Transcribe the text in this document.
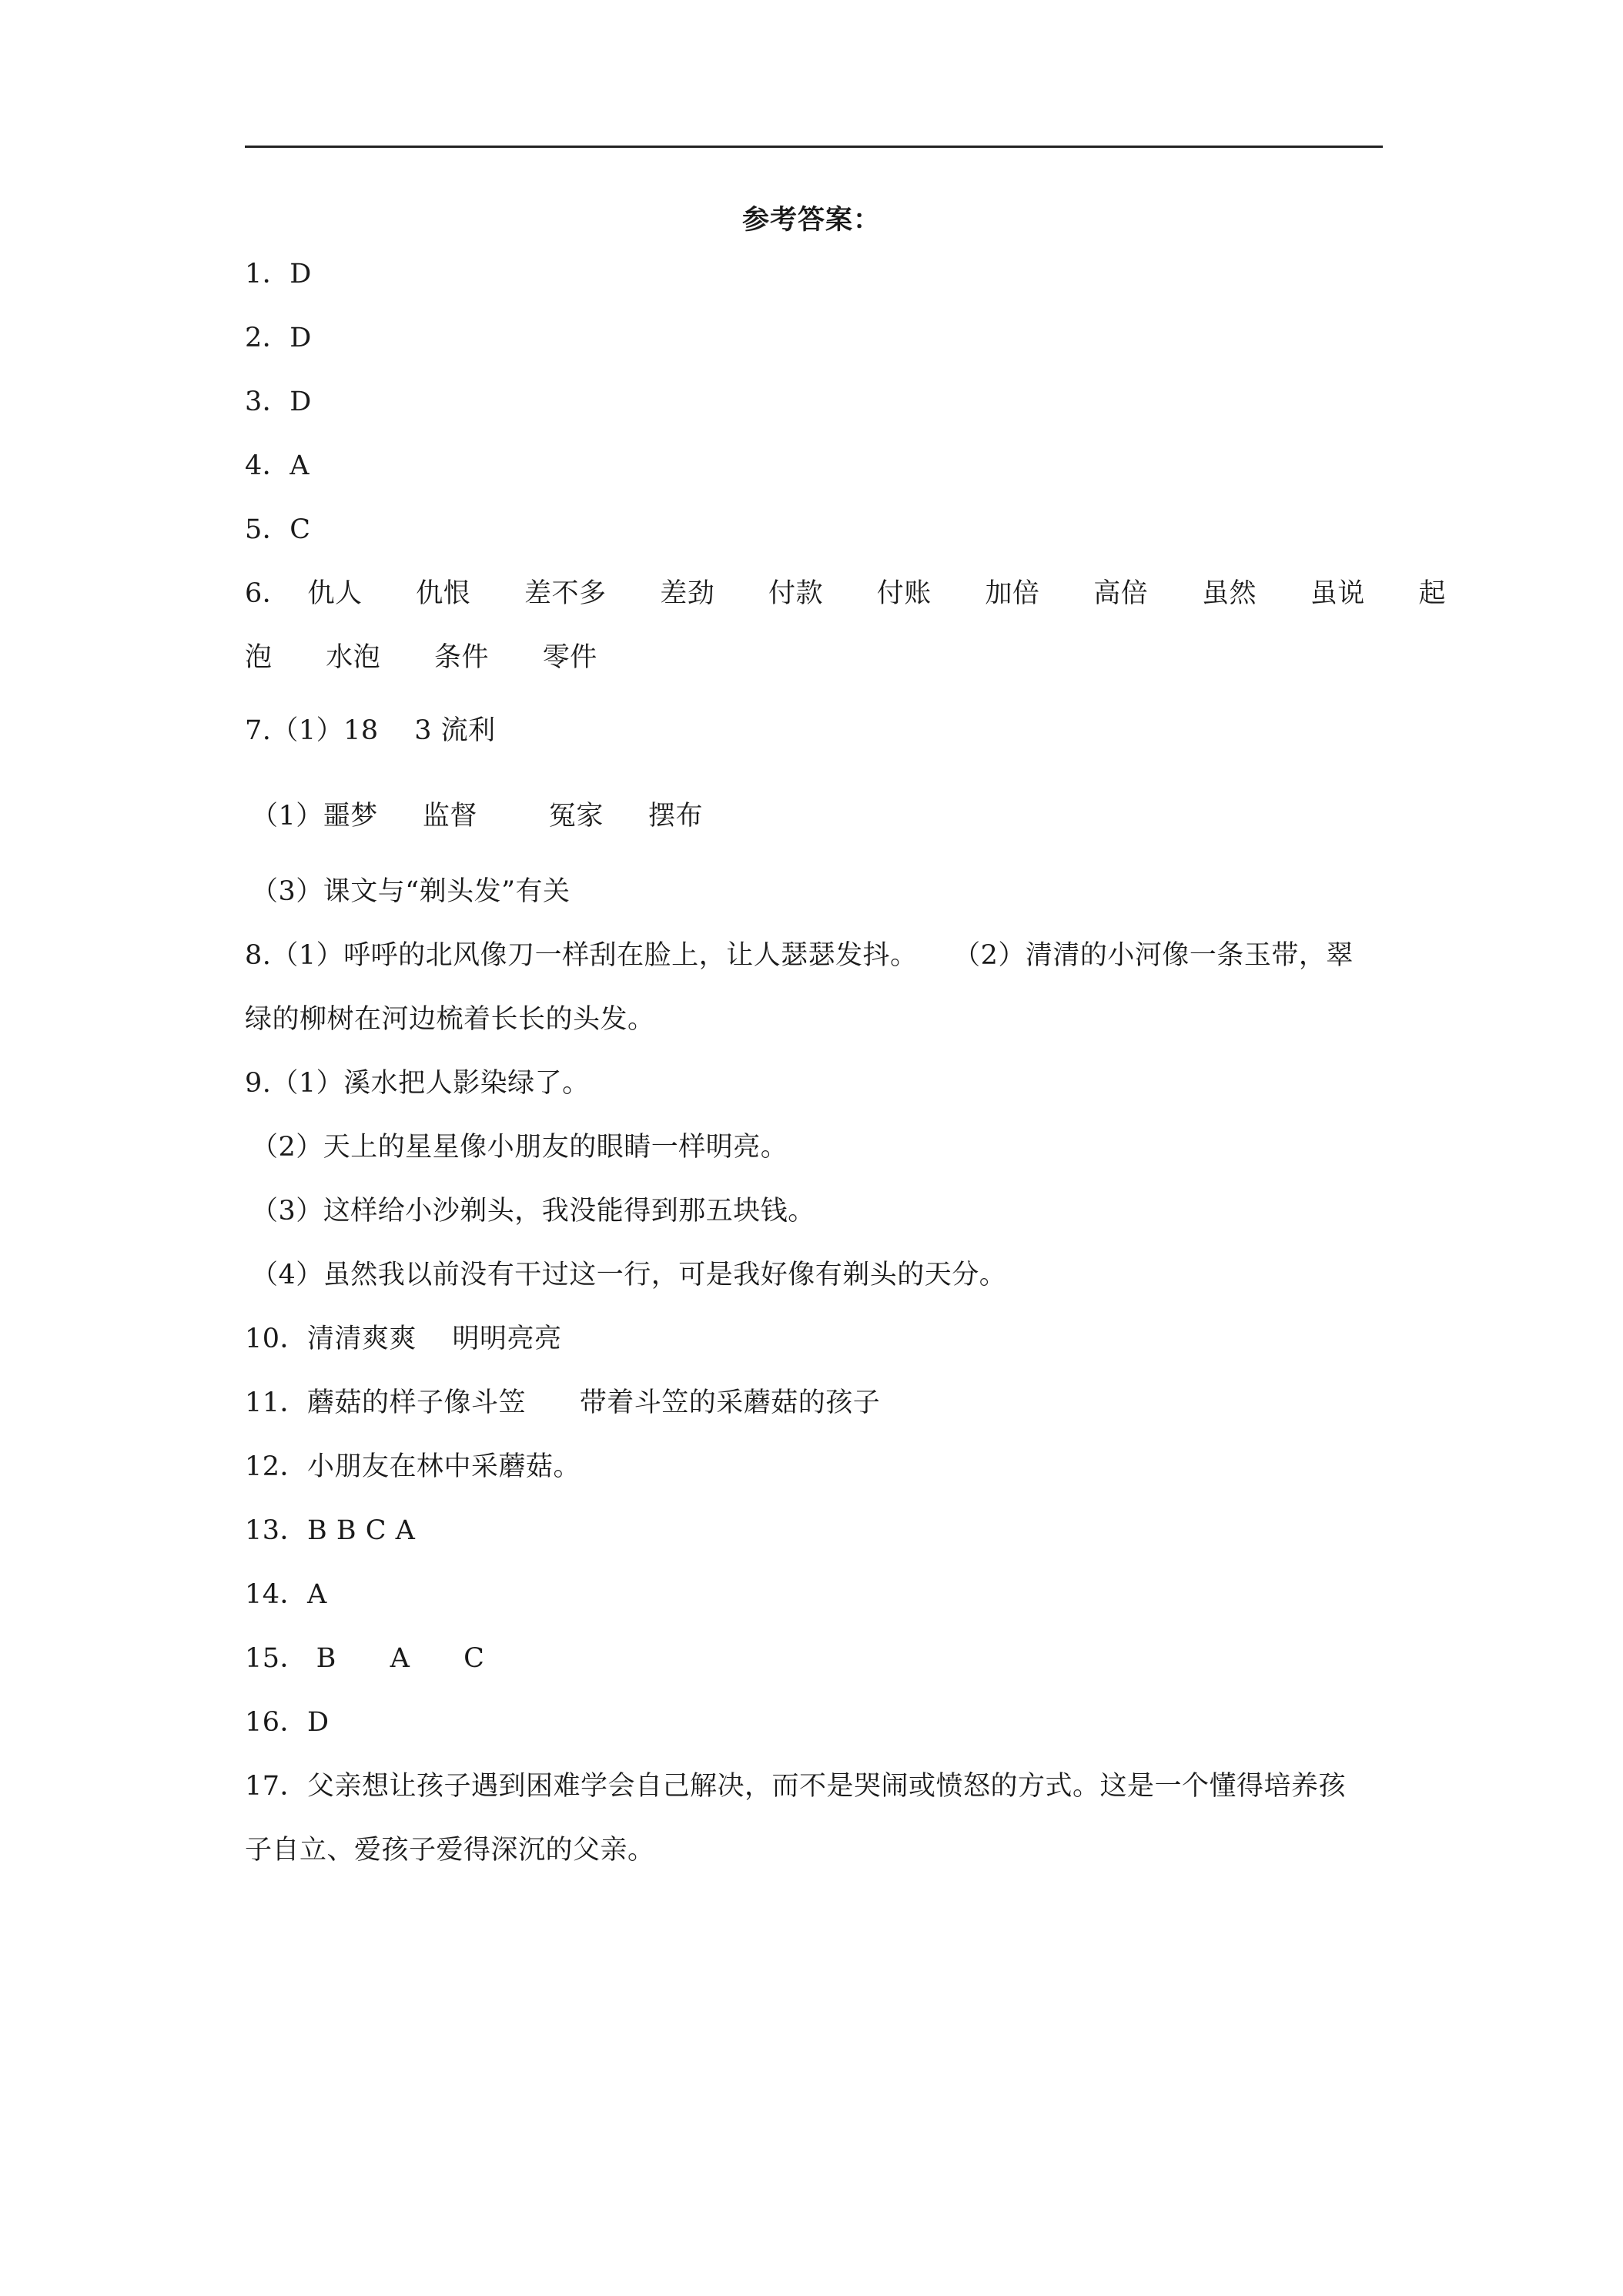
参考答案：
1．D
2．D
3．D
4．A
5．C
6．  仇人      仇恨      差不多      差劲      付款      付账      加倍      高倍      虽然      虽说      起
泡      水泡      条件      零件
7.（1）18    3 流利
（1）噩梦     监督        冤家     摆布
（3）课文与“剃头发”有关
8.（1）呼呼的北风像刀一样刮在脸上，让人瑟瑟发抖。    （2）清清的小河像一条玉带，翠
绿的柳树在河边梳着长长的头发。
9.（1）溪水把人影染绿了。
（2）天上的星星像小朋友的眼睛一样明亮。
（3）这样给小沙剃头，我没能得到那五块钱。
（4）虽然我以前没有干过这一行，可是我好像有剃头的天分。
10．清清爽爽    明明亮亮
11．蘑菇的样子像斗笠      带着斗笠的采蘑菇的孩子
12．小朋友在林中采蘑菇。
13．B B C A
14．A
15． B      A      C
16．D
17．父亲想让孩子遇到困难学会自己解决，而不是哭闹或愤怒的方式。这是一个懂得培养孩
子自立、爱孩子爱得深沉的父亲。
